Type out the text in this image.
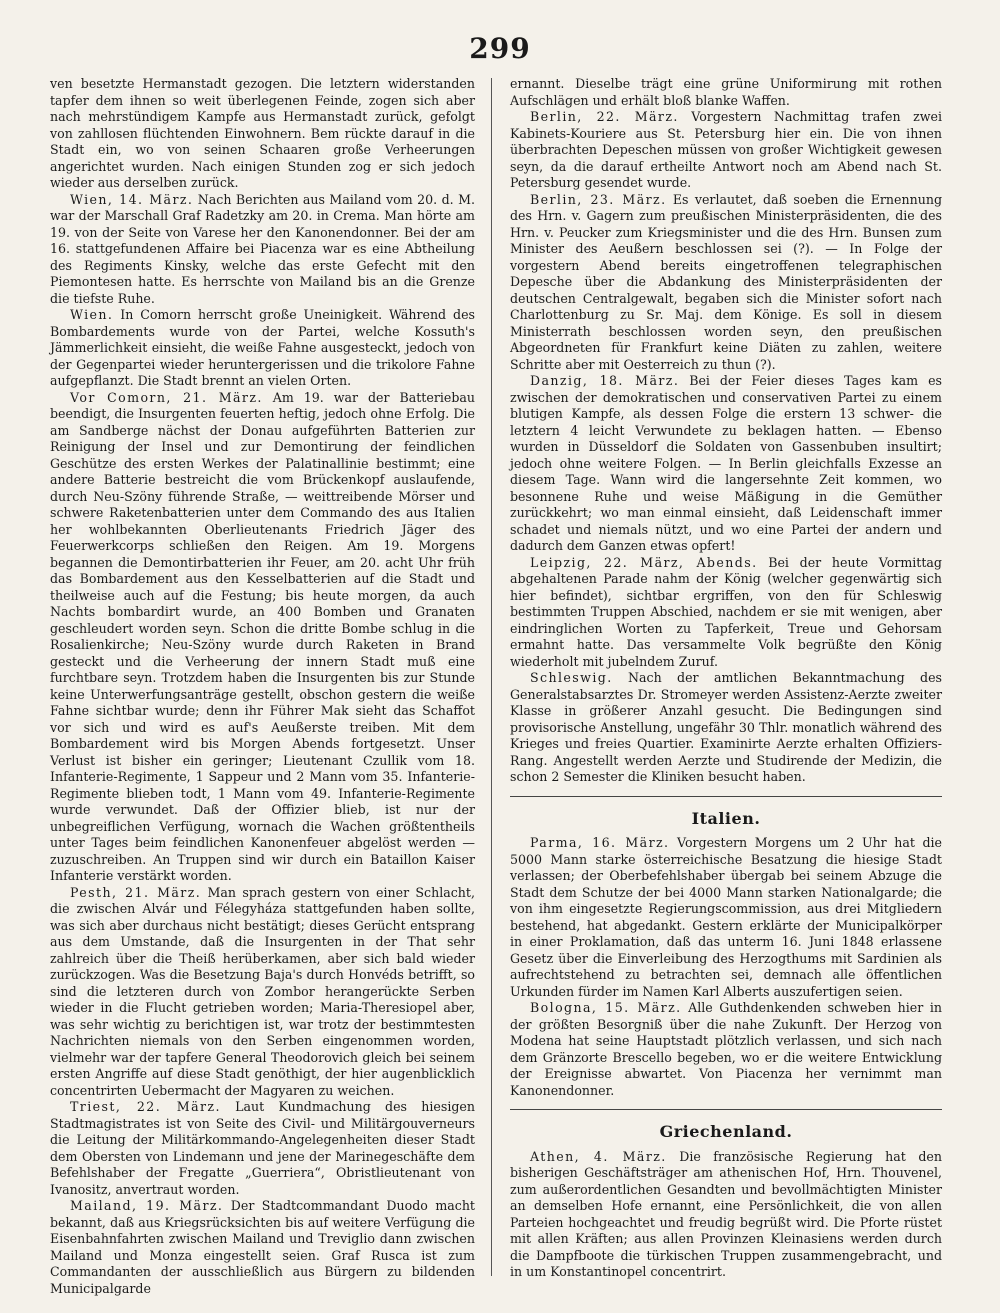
299

ven besetzte Hermanstadt gezogen. Die letztern widerstanden tapfer dem ihnen so weit überlegenen Feinde, zogen sich aber nach mehrstündigem Kampfe aus Hermanstadt zurück, gefolgt von zahllosen flüchtenden Einwohnern. Bem rückte darauf in die Stadt ein, wo von seinen Schaaren große Verheerungen angerichtet wurden. Nach einigen Stunden zog er sich jedoch wieder aus derselben zurück.

Wien, 14. März. Nach Berichten aus Mailand vom 20. d. M. war der Marschall Graf Radetzky am 20. in Crema. Man hörte am 19. von der Seite von Varese her den Kanonendonner. Bei der am 16. stattgefundenen Affaire bei Piacenza war es eine Abtheilung des Regiments Kinsky, welche das erste Gefecht mit den Piemontesen hatte. Es herrschte von Mailand bis an die Grenze die tiefste Ruhe.

Wien. In Comorn herrscht große Uneinigkeit. Während des Bombardements wurde von der Partei, welche Kossuth's Jämmerlichkeit einsieht, die weiße Fahne ausgesteckt, jedoch von der Gegenpartei wieder heruntergerissen und die trikolore Fahne aufgepflanzt. Die Stadt brennt an vielen Orten.

Vor Comorn, 21. März. Am 19. war der Batteriebau beendigt, die Insurgenten feuerten heftig, jedoch ohne Erfolg. Die am Sandberge nächst der Donau aufgeführten Batterien zur Reinigung der Insel und zur Demontirung der feindlichen Geschütze des ersten Werkes der Palatinallinie bestimmt; eine andere Batterie bestreicht die vom Brückenkopf auslaufende, durch Neu-Szöny führende Straße, — weittreibende Mörser und schwere Raketenbatterien unter dem Commando des aus Italien her wohlbekannten Oberlieutenants Friedrich Jäger des Feuerwerkcorps schließen den Reigen. Am 19. Morgens begannen die Demontirbatterien ihr Feuer, am 20. acht Uhr früh das Bombardement aus den Kesselbatterien auf die Stadt und theilweise auch auf die Festung; bis heute morgen, da auch Nachts bombardirt wurde, an 400 Bomben und Granaten geschleudert worden seyn. Schon die dritte Bombe schlug in die Rosalienkirche; Neu-Szöny wurde durch Raketen in Brand gesteckt und die Verheerung der innern Stadt muß eine furchtbare seyn. Trotzdem haben die Insurgenten bis zur Stunde keine Unterwerfungsanträge gestellt, obschon gestern die weiße Fahne sichtbar wurde; denn ihr Führer Mak sieht das Schaffot vor sich und wird es auf's Aeußerste treiben. Mit dem Bombardement wird bis Morgen Abends fortgesetzt. Unser Verlust ist bisher ein geringer; Lieutenant Czullik vom 18. Infanterie-Regimente, 1 Sappeur und 2 Mann vom 35. Infanterie-Regimente blieben todt, 1 Mann vom 49. Infanterie-Regimente wurde verwundet. Daß der Offizier blieb, ist nur der unbegreiflichen Verfügung, wornach die Wachen größtentheils unter Tages beim feindlichen Kanonenfeuer abgelöst werden — zuzuschreiben. An Truppen sind wir durch ein Bataillon Kaiser Infanterie verstärkt worden.

Pesth, 21. März. Man sprach gestern von einer Schlacht, die zwischen Alvár und Félegyháza stattgefunden haben sollte, was sich aber durchaus nicht bestätigt; dieses Gerücht entsprang aus dem Umstande, daß die Insurgenten in der That sehr zahlreich über die Theiß herüberkamen, aber sich bald wieder zurückzogen. Was die Besetzung Baja's durch Honvéds betrifft, so sind die letzteren durch von Zombor herangerückte Serben wieder in die Flucht getrieben worden; Maria-Theresiopel aber, was sehr wichtig zu berichtigen ist, war trotz der bestimmtesten Nachrichten niemals von den Serben eingenommen worden, vielmehr war der tapfere General Theodorovich gleich bei seinem ersten Angriffe auf diese Stadt genöthigt, der hier augenblicklich concentrirten Uebermacht der Magyaren zu weichen.

Triest, 22. März. Laut Kundmachung des hiesigen Stadtmagistrates ist von Seite des Civil- und Militärgouverneurs die Leitung der Militärkommando-Angelegenheiten dieser Stadt dem Obersten von Lindemann und jene der Marinegeschäfte dem Befehlshaber der Fregatte „Guerriera“, Obristlieutenant von Ivanositz, anvertraut worden.

Mailand, 19. März. Der Stadtcommandant Duodo macht bekannt, daß aus Kriegsrücksichten bis auf weitere Verfügung die Eisenbahnfahrten zwischen Mailand und Treviglio dann zwischen Mailand und Monza eingestellt seien. Graf Rusca ist zum Commandanten der ausschließlich aus Bürgern zu bildenden Municipalgarde

ernannt. Dieselbe trägt eine grüne Uniformirung mit rothen Aufschlägen und erhält bloß blanke Waffen.

Berlin, 22. März. Vorgestern Nachmittag trafen zwei Kabinets-Kouriere aus St. Petersburg hier ein. Die von ihnen überbrachten Depeschen müssen von großer Wichtigkeit gewesen seyn, da die darauf ertheilte Antwort noch am Abend nach St. Petersburg gesendet wurde.

Berlin, 23. März. Es verlautet, daß soeben die Ernennung des Hrn. v. Gagern zum preußischen Ministerpräsidenten, die des Hrn. v. Peucker zum Kriegsminister und die des Hrn. Bunsen zum Minister des Aeußern beschlossen sei (?). — In Folge der vorgestern Abend bereits eingetroffenen telegraphischen Depesche über die Abdankung des Ministerpräsidenten der deutschen Centralgewalt, begaben sich die Minister sofort nach Charlottenburg zu Sr. Maj. dem Könige. Es soll in diesem Ministerrath beschlossen worden seyn, den preußischen Abgeordneten für Frankfurt keine Diäten zu zahlen, weitere Schritte aber mit Oesterreich zu thun (?).

Danzig, 18. März. Bei der Feier dieses Tages kam es zwischen der demokratischen und conservativen Partei zu einem blutigen Kampfe, als dessen Folge die erstern 13 schwer- die letztern 4 leicht Verwundete zu beklagen hatten. — Ebenso wurden in Düsseldorf die Soldaten von Gassenbuben insultirt; jedoch ohne weitere Folgen. — In Berlin gleichfalls Exzesse an diesem Tage. Wann wird die langersehnte Zeit kommen, wo besonnene Ruhe und weise Mäßigung in die Gemüther zurückkehrt; wo man einmal einsieht, daß Leidenschaft immer schadet und niemals nützt, und wo eine Partei der andern und dadurch dem Ganzen etwas opfert!

Leipzig, 22. März, Abends. Bei der heute Vormittag abgehaltenen Parade nahm der König (welcher gegenwärtig sich hier befindet), sichtbar ergriffen, von den für Schleswig bestimmten Truppen Abschied, nachdem er sie mit wenigen, aber eindringlichen Worten zu Tapferkeit, Treue und Gehorsam ermahnt hatte. Das versammelte Volk begrüßte den König wiederholt mit jubelndem Zuruf.

Schleswig. Nach der amtlichen Bekanntmachung des Generalstabsarztes Dr. Stromeyer werden Assistenz-Aerzte zweiter Klasse in größerer Anzahl gesucht. Die Bedingungen sind provisorische Anstellung, ungefähr 30 Thlr. monatlich während des Krieges und freies Quartier. Examinirte Aerzte erhalten Offiziers-Rang. Angestellt werden Aerzte und Studirende der Medizin, die schon 2 Semester die Kliniken besucht haben.

Italien.

Parma, 16. März. Vorgestern Morgens um 2 Uhr hat die 5000 Mann starke österreichische Besatzung die hiesige Stadt verlassen; der Oberbefehlshaber übergab bei seinem Abzuge die Stadt dem Schutze der bei 4000 Mann starken Nationalgarde; die von ihm eingesetzte Regierungscommission, aus drei Mitgliedern bestehend, hat abgedankt. Gestern erklärte der Municipalkörper in einer Proklamation, daß das unterm 16. Juni 1848 erlassene Gesetz über die Einverleibung des Herzogthums mit Sardinien als aufrechtstehend zu betrachten sei, demnach alle öffentlichen Urkunden fürder im Namen Karl Alberts auszufertigen seien.

Bologna, 15. März. Alle Guthdenkenden schweben hier in der größten Besorgniß über die nahe Zukunft. Der Herzog von Modena hat seine Hauptstadt plötzlich verlassen, und sich nach dem Gränzorte Brescello begeben, wo er die weitere Entwicklung der Ereignisse abwartet. Von Piacenza her vernimmt man Kanonendonner.

Griechenland.

Athen, 4. März. Die französische Regierung hat den bisherigen Geschäftsträger am athenischen Hof, Hrn. Thouvenel, zum außerordentlichen Gesandten und bevollmächtigten Minister an demselben Hofe ernannt, eine Persönlichkeit, die von allen Parteien hochgeachtet und freudig begrüßt wird. Die Pforte rüstet mit allen Kräften; aus allen Provinzen Kleinasiens werden durch die Dampfboote die türkischen Truppen zusammengebracht, und in um Konstantinopel concentrirt.
